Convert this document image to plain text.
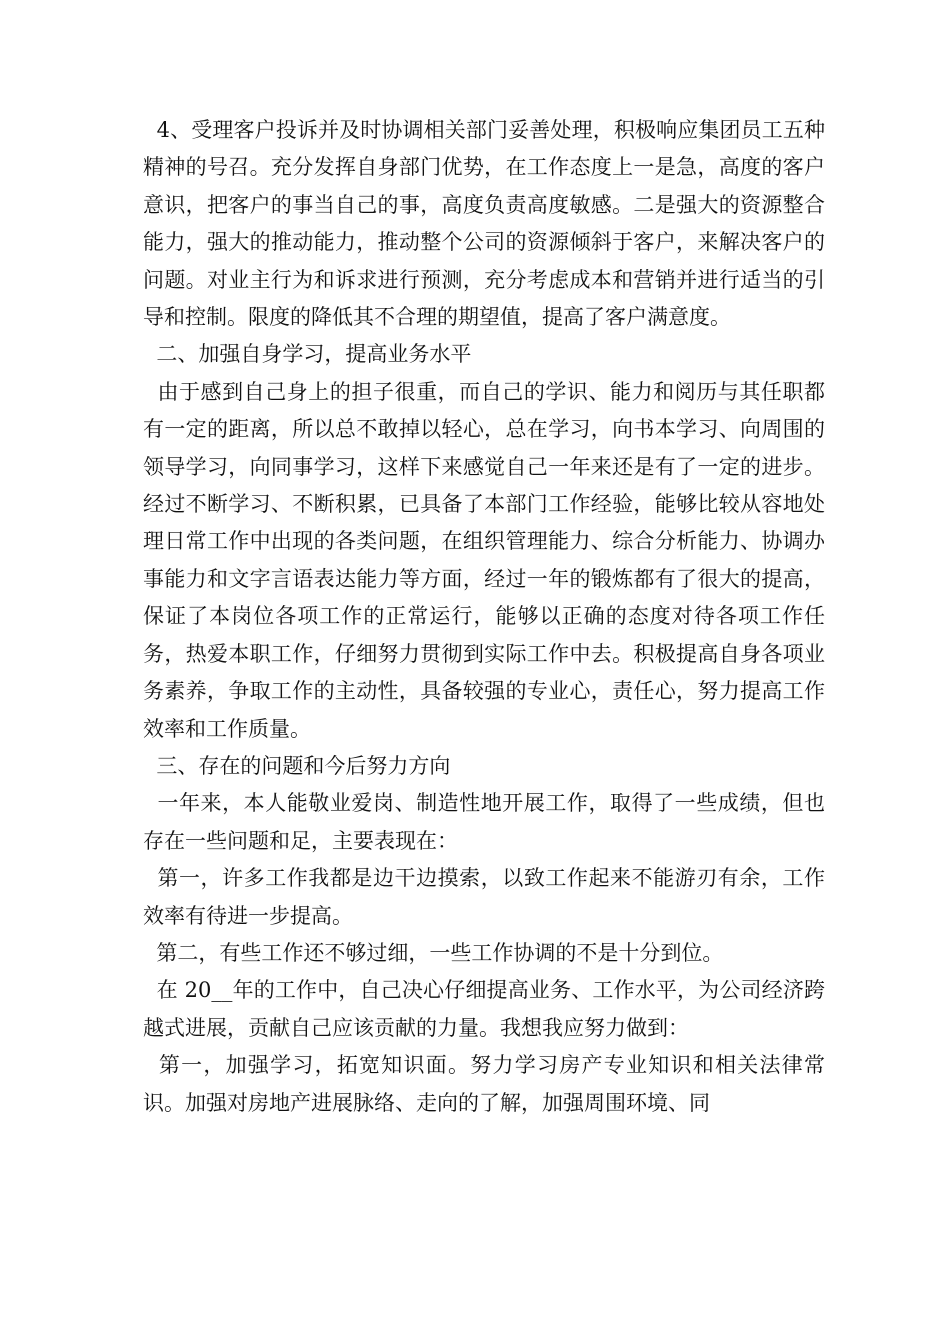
4、受理客户投诉并及时协调相关部门妥善处理，积极响应集团员工五种精神的号召。充分发挥自身部门优势，在工作态度上一是急，高度的客户意识，把客户的事当自己的事，高度负责高度敏感。二是强大的资源整合能力，强大的推动能力，推动整个公司的资源倾斜于客户，来解决客户的问题。对业主行为和诉求进行预测，充分考虑成本和营销并进行适当的引导和控制。限度的降低其不合理的期望值，提高了客户满意度。

二、加强自身学习，提高业务水平

由于感到自己身上的担子很重，而自己的学识、能力和阅历与其任职都有一定的距离，所以总不敢掉以轻心，总在学习，向书本学习、向周围的领导学习，向同事学习，这样下来感觉自己一年来还是有了一定的进步。经过不断学习、不断积累，已具备了本部门工作经验，能够比较从容地处理日常工作中出现的各类问题，在组织管理能力、综合分析能力、协调办事能力和文字言语表达能力等方面，经过一年的锻炼都有了很大的提高，保证了本岗位各项工作的正常运行，能够以正确的态度对待各项工作任务，热爱本职工作，仔细努力贯彻到实际工作中去。积极提高自身各项业务素养，争取工作的主动性，具备较强的专业心，责任心，努力提高工作效率和工作质量。

三、存在的问题和今后努力方向

一年来，本人能敬业爱岗、制造性地开展工作，取得了一些成绩，但也存在一些问题和足，主要表现在：

第一，许多工作我都是边干边摸索，以致工作起来不能游刃有余，工作效率有待进一步提高。

第二，有些工作还不够过细，一些工作协调的不是十分到位。

在 20__年的工作中，自己决心仔细提高业务、工作水平，为公司经济跨越式进展，贡献自己应该贡献的力量。我想我应努力做到：

第一，加强学习，拓宽知识面。努力学习房产专业知识和相关法律常识。加强对房地产进展脉络、走向的了解，加强周围环境、同
